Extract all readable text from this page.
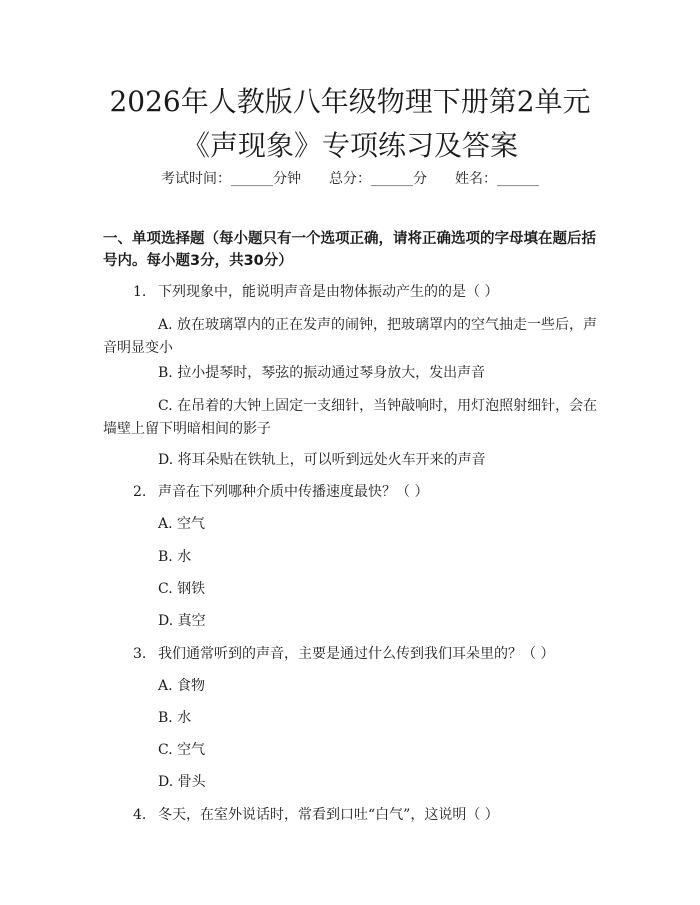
2026年人教版八年级物理下册第2单元《声现象》专项练习及答案
考试时间：______分钟 总分：______分 姓名：______
一、单项选择题（每小题只有一个选项正确，请将正确选项的字母填在题后括号内。每小题3分，共30分）
1. 下列现象中，能说明声音是由物体振动产生的的是（ ）
A. 放在玻璃罩内的正在发声的闹钟，把玻璃罩内的空气抽走一些后，声音明显变小
B. 拉小提琴时，琴弦的振动通过琴身放大，发出声音
C. 在吊着的大钟上固定一支细针，当钟敲响时，用灯泡照射细针，会在墙壁上留下明暗相间的影子
D. 将耳朵贴在铁轨上，可以听到远处火车开来的声音
2. 声音在下列哪种介质中传播速度最快？（ ）
A. 空气
B. 水
C. 钢铁
D. 真空
3. 我们通常听到的声音，主要是通过什么传到我们耳朵里的？（ ）
A. 食物
B. 水
C. 空气
D. 骨头
4. 冬天，在室外说话时，常看到口吐“白气”，这说明（ ）
